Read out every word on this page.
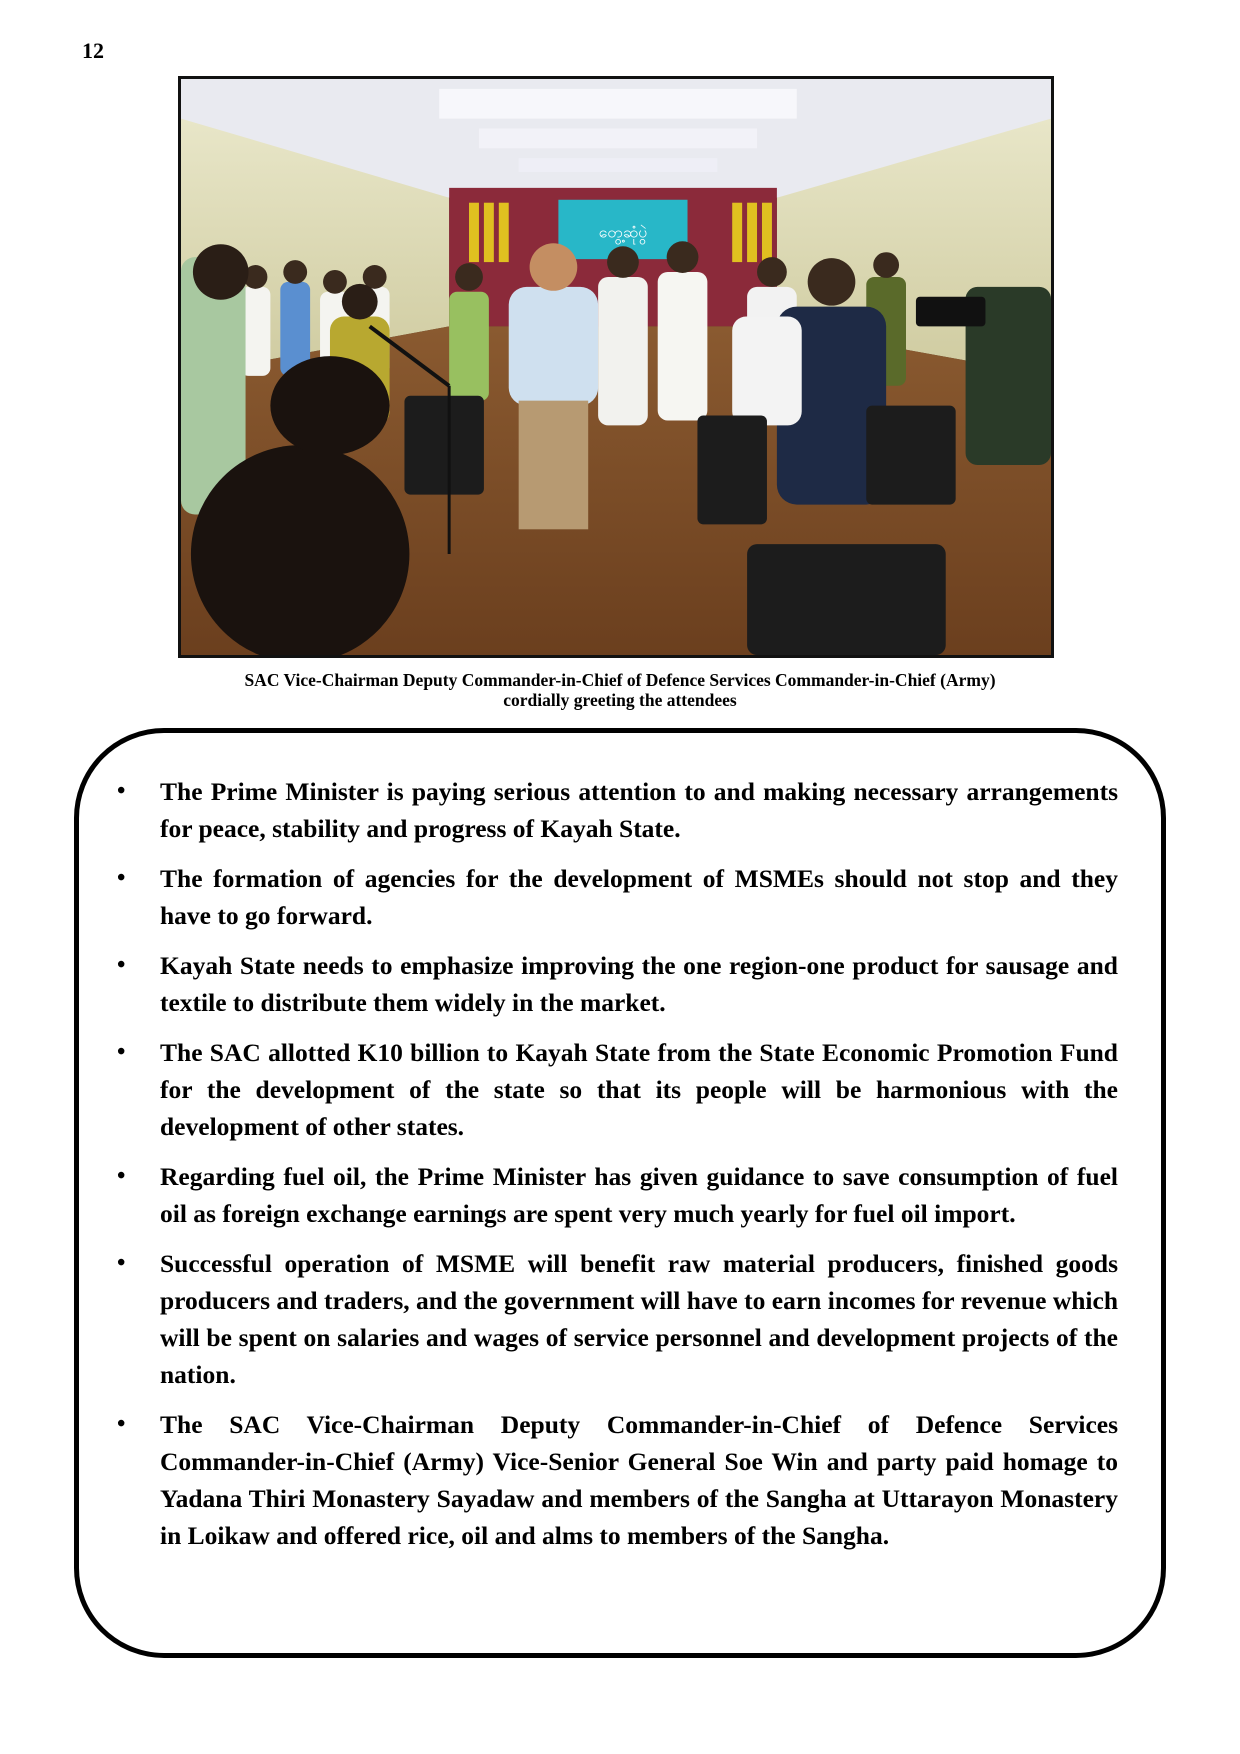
12
တွေ့ဆုံပွဲ
SAC Vice-Chairman Deputy Commander-in-Chief of Defence Services Commander-in-Chief (Army)
cordially greeting the attendees
• The Prime Minister is paying serious attention to and making necessary arrangements for peace, stability and progress of Kayah State.
• The formation of agencies for the development of MSMEs should not stop and they have to go forward.
• Kayah State needs to emphasize improving the one region-one product for sausage and textile to distribute them widely in the market.
• The SAC allotted K10 billion to Kayah State from the State Economic Promotion Fund for the development of the state so that its people will be harmonious with the development of other states.
• Regarding fuel oil, the Prime Minister has given guidance to save consumption of fuel oil as foreign exchange earnings are spent very much yearly for fuel oil import.
• Successful operation of MSME will benefit raw material producers, finished goods producers and traders, and the government will have to earn incomes for revenue which will be spent on salaries and wages of service personnel and development projects of the nation.
• The SAC Vice-Chairman Deputy Commander-in-Chief of Defence Services Commander-in-Chief (Army) Vice-Senior General Soe Win and party paid homage to Yadana Thiri Monastery Sayadaw and members of the Sangha at Uttarayon Monastery in Loikaw and offered rice, oil and alms to members of the Sangha.
